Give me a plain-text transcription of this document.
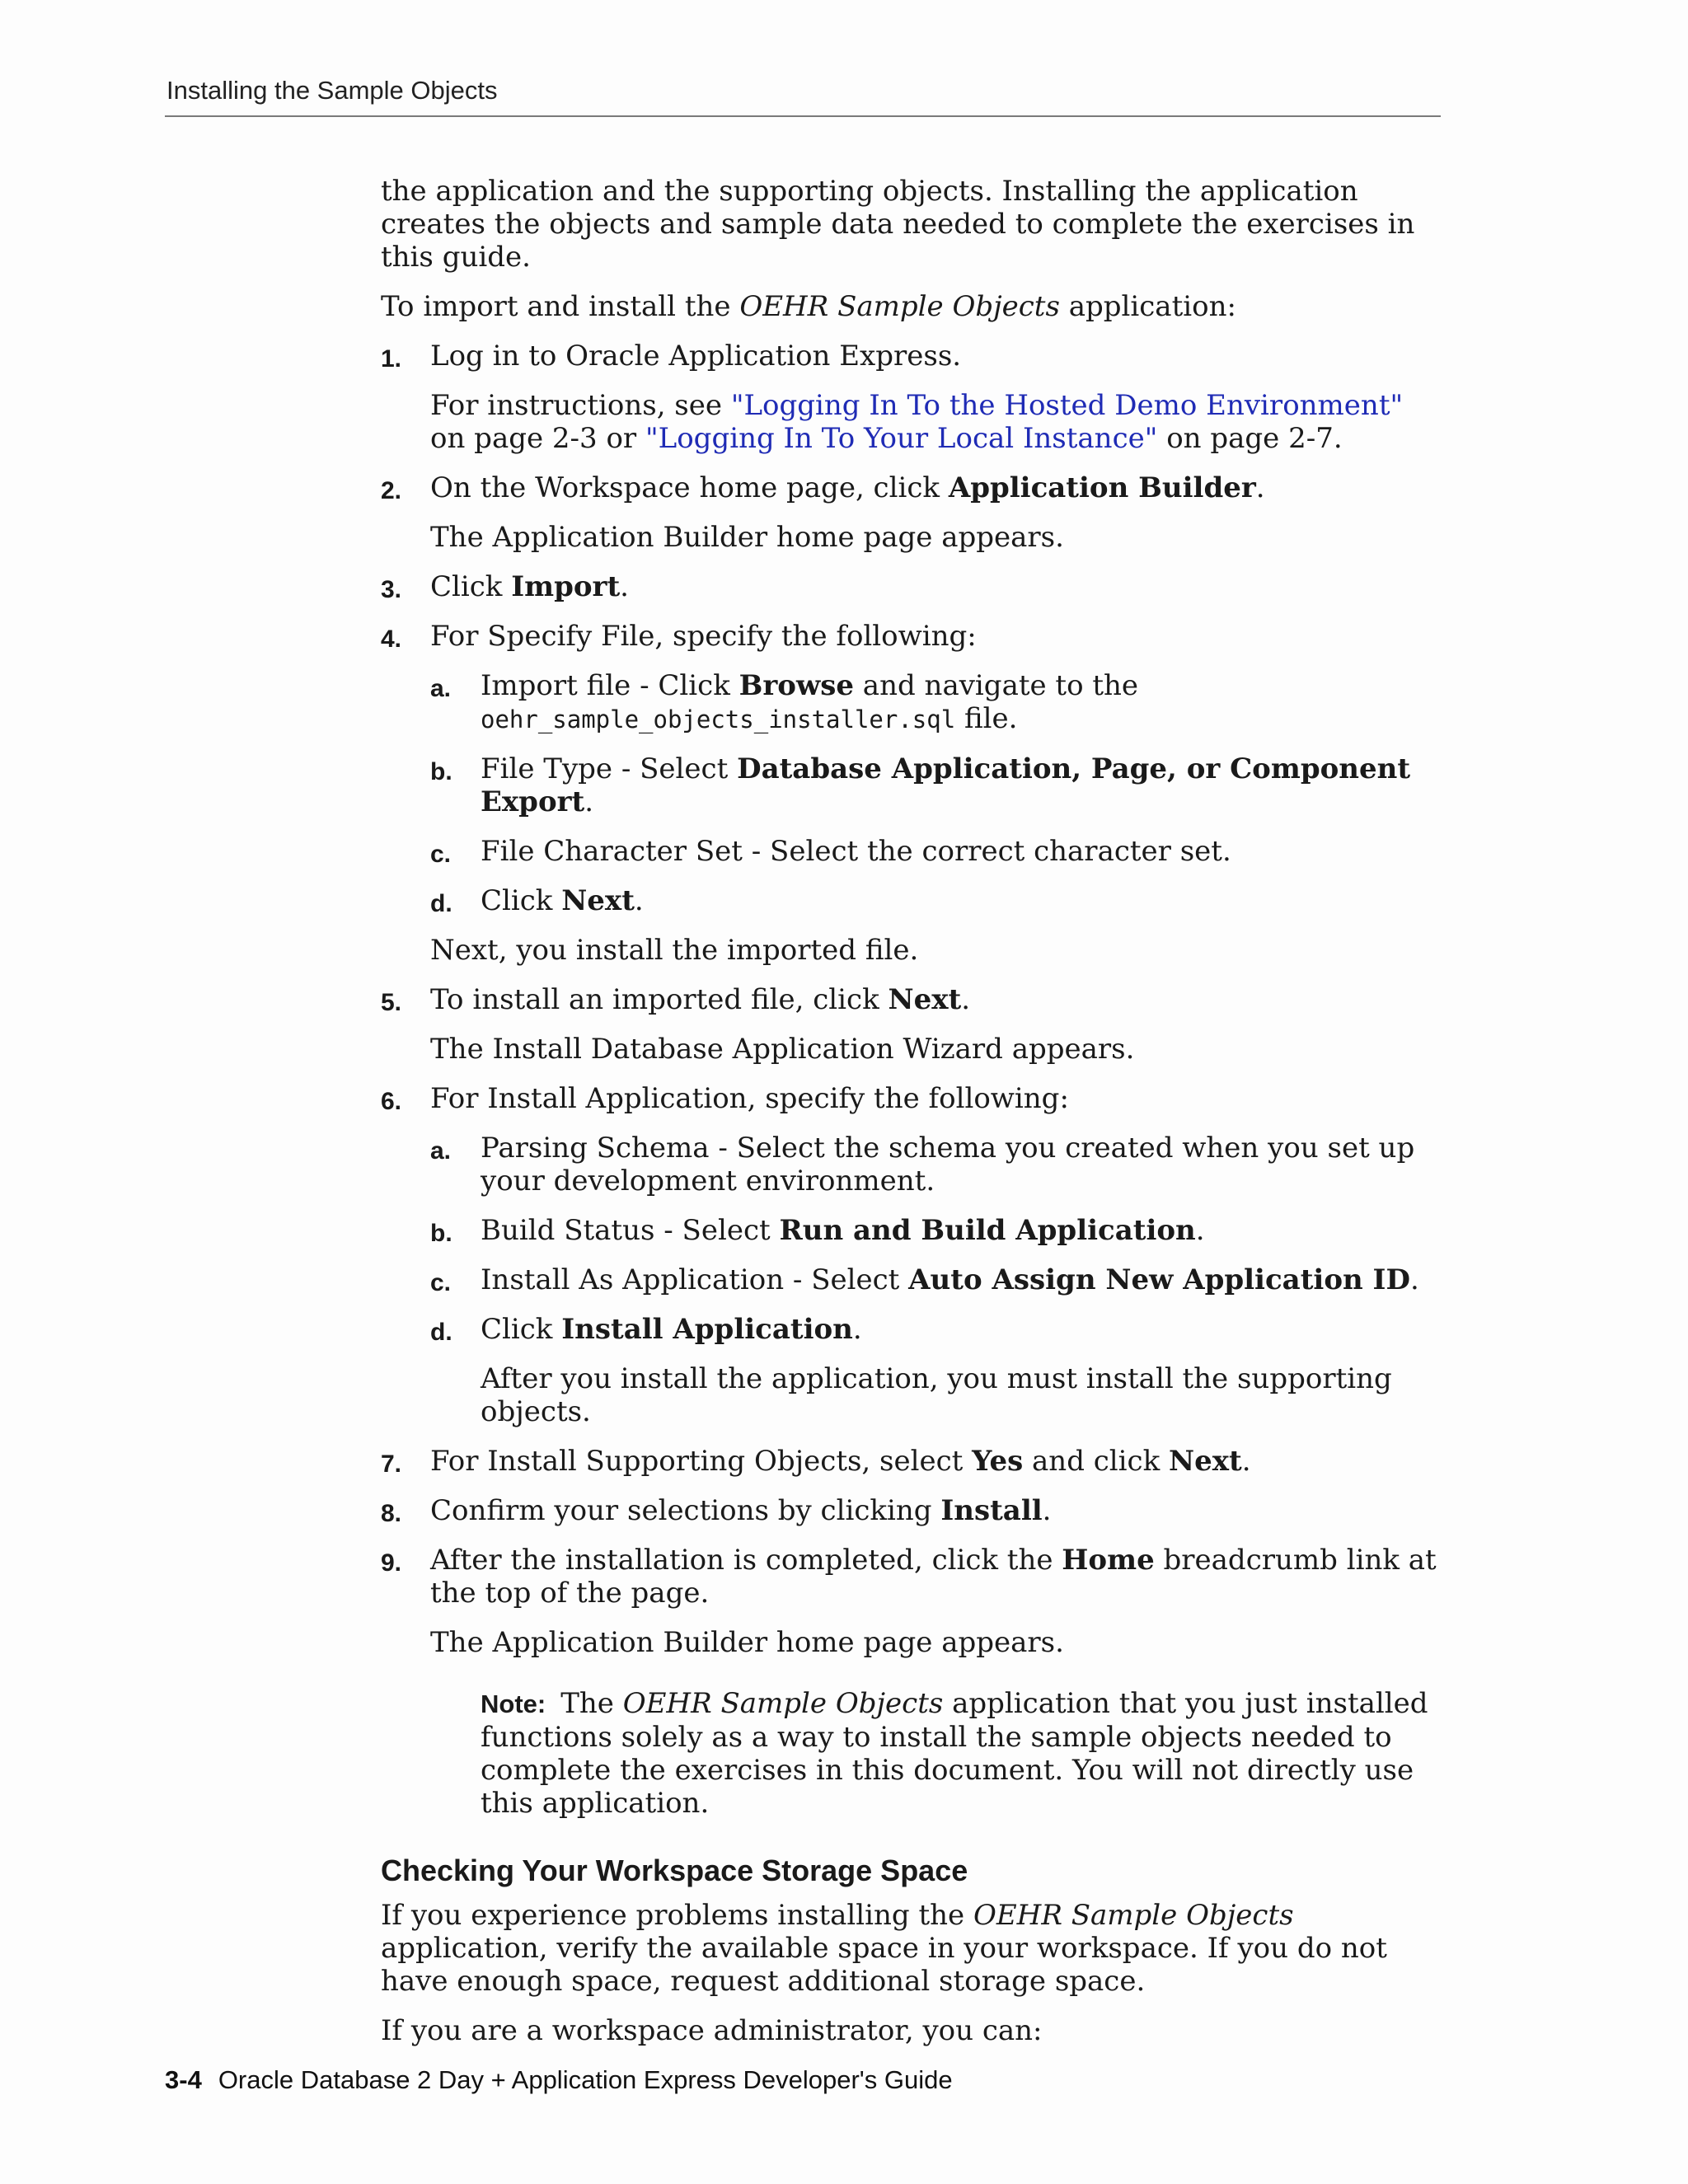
Installing the Sample Objects

the application and the supporting objects. Installing the application creates the objects and sample data needed to complete the exercises in this guide.

To import and install the OEHR Sample Objects application:

1. Log in to Oracle Application Express.

For instructions, see "Logging In To the Hosted Demo Environment" on page 2-3 or "Logging In To Your Local Instance" on page 2-7.

2. On the Workspace home page, click Application Builder.

The Application Builder home page appears.

3. Click Import.

4. For Specify File, specify the following:

a. Import file - Click Browse and navigate to the oehr_sample_objects_installer.sql file.

b. File Type - Select Database Application, Page, or Component Export.

c. File Character Set - Select the correct character set.

d. Click Next.

Next, you install the imported file.

5. To install an imported file, click Next.

The Install Database Application Wizard appears.

6. For Install Application, specify the following:

a. Parsing Schema - Select the schema you created when you set up your development environment.

b. Build Status - Select Run and Build Application.

c. Install As Application - Select Auto Assign New Application ID.

d. Click Install Application.

After you install the application, you must install the supporting objects.

7. For Install Supporting Objects, select Yes and click Next.

8. Confirm your selections by clicking Install.

9. After the installation is completed, click the Home breadcrumb link at the top of the page.

The Application Builder home page appears.

Note: The OEHR Sample Objects application that you just installed functions solely as a way to install the sample objects needed to complete the exercises in this document. You will not directly use this application.

Checking Your Workspace Storage Space

If you experience problems installing the OEHR Sample Objects application, verify the available space in your workspace. If you do not have enough space, request additional storage space.

If you are a workspace administrator, you can:

3-4 Oracle Database 2 Day + Application Express Developer's Guide
